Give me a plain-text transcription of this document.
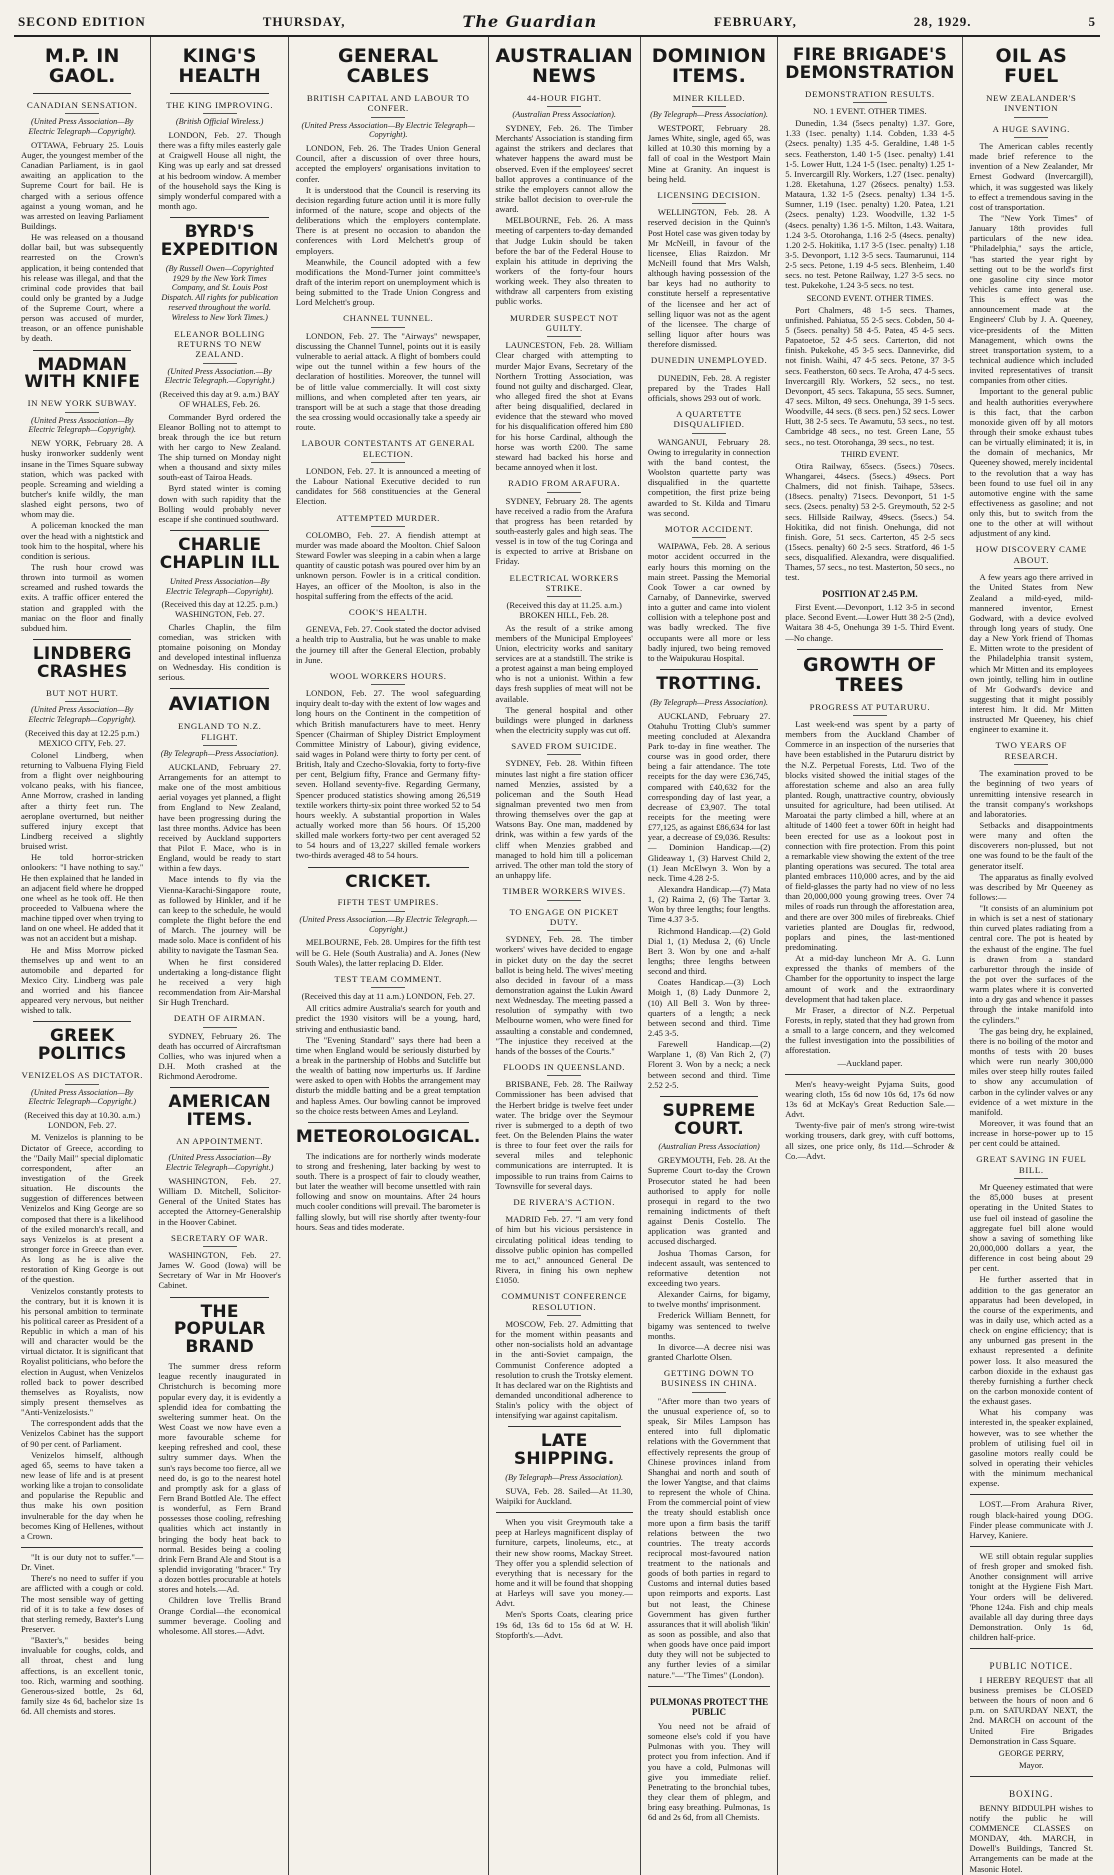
SECOND EDITION	THURSDAY,	The Guardian	FEBRUARY,	28, 1929.	5
M.P. IN GAOL.
CANADIAN SENSATION.
(United Press Association—By Electric Telegraph—Copyright).

OTTAWA, February 25. Louis Auger, the youngest member of the Canadian Parliament, is in gaol awaiting an application to the Supreme Court for bail. He is charged with a serious offence against a young woman, and he was arrested on leaving Parliament Buildings.

He was released on a thousand dollar bail, but was subsequently rearrested on the Crown's application, it being contended that his release was illegal, and that the criminal code provides that bail could only be granted by a Judge of the Supreme Court, where a person was accused of murder, treason, or an offence punishable by death.

MADMAN WITH KNIFE
IN NEW YORK SUBWAY.
(United Press Association—By Electric Telegraph—Copyright).

NEW YORK, February 28. A husky ironworker suddenly went insane in the Times Square subway station, which was packed with people. Screaming and wielding a butcher's knife wildly, the man slashed eight persons, two of whom may die.

A policeman knocked the man over the head with a nightstick and took him to the hospital, where his condition is serious.

The rush hour crowd was thrown into turmoil as women screamed and rushed towards the exits. A traffic officer entered the station and grappled with the maniac on the floor and finally subdued him.

LINDBERG CRASHES
BUT NOT HURT.
(United Press Association—By Electric Telegraph—Copyright).
(Received this day at 12.25 p.m.) MEXICO CITY, Feb. 27.

Colonel Lindberg, when returning to Valbuena Flying Field from a flight over neighbouring volcano peaks, with his fiancee, Anne Morrow, crashed in landing after a thirty feet run. The aeroplane overturned, but neither suffered injury except that Lindberg received a slightly bruised wrist.

He told horror-stricken onlookers: "I have nothing to say." He then explained that he landed in an adjacent field where he dropped one wheel as he took off. He then proceeded to Valbuena where the machine tipped over when trying to land on one wheel. He added that it was not an accident but a mishap.

He and Miss Morrow picked themselves up and went to an automobile and departed for Mexico City. Lindberg was pale and worried and his fiancee appeared very nervous, but neither wished to talk.

GREEK POLITICS
VENIZELOS AS DICTATOR.
(United Press Association—By Electric Telegraph—Copyright.)
(Received this day at 10.30. a.m.) LONDON, Feb. 27.

M. Venizelos is planning to be Dictator of Greece, according to the "Daily Mail" special diplomatic correspondent, after an investigation of the Greek situation. He discounts the suggestion of differences between Venizelos and King George are so composed that there is a likelihood of the exiled monarch's recall, and says Venizelos is at present a stronger force in Greece than ever. As long as he is alive the restoration of King George is out of the question.

Venizelos constantly protests to the contrary, but it is known it is his personal ambition to terminate his political career as President of a Republic in which a man of his will and character would be the virtual dictator. It is significant that Royalist politicians, who before the election in August, when Venizelos rolled back to power described themselves as Royalists, now simply present themselves as "Anti-Venizelosists."

The correspondent adds that the Venizelos Cabinet has the support of 90 per cent. of Parliament.

Venizelos himself, although aged 65, seems to have taken a new lease of life and is at present working like a trojan to consolidate and popularise the Republic and thus make his own position invulnerable for the day when he becomes King of Hellenes, without a Crown.

"It is our duty not to suffer."— Dr. Vinet.

There's no need to suffer if you are afflicted with a cough or cold. The most sensible way of getting rid of it is to take a few doses of that sterling remedy, Baxter's Lung Preserver.

"Baxter's," besides being invaluable for coughs, colds, and all throat, chest and lung affections, is an excellent tonic, too. Rich, warming and soothing. Generous-sized bottle, 2s 6d, family size 4s 6d, bachelor size 1s 6d. All chemists and stores.

KING'S HEALTH
THE KING IMPROVING.
(British Official Wireless.)

LONDON, Feb. 27. Though there was a fifty miles easterly gale at Craigwell House all night, the King was up early and sat dressed at his bedroom window. A member of the household says the King is simply wonderful compared with a month ago.

BYRD'S EXPEDITION
(By Russell Owen—Copyrighted 1929 by the New York Times Company, and St. Louis Post Dispatch. All rights for publication reserved throughout the world. Wireless to New York Times.)
ELEANOR BOLLING RETURNS TO NEW ZEALAND.
(United Press Association.—By Electric Telegraph.—Copyright.)
(Received this day at 9. a.m.) BAY OF WHALES, Feb. 26.

Commander Byrd ordered the Eleanor Bolling not to attempt to break through the ice but return with her cargo to New Zealand. The ship turned on Monday night when a thousand and sixty miles south-east of Tairoa Heads.

Byrd stated winter is coming down with such rapidity that the Bolling would probably never escape if she continued southward.

CHARLIE CHAPLIN ILL
United Press Association—By Electric Telegraph—Copyright).
(Received this day at 12.25. p.m.) WASHINGTON, Feb. 27.

Charles Chaplin, the film comedian, was stricken with ptomaine poisoning on Monday and developed intestinal influenza on Wednesday. His condition is serious.

AVIATION
ENGLAND TO N.Z. FLIGHT.
(By Telegraph—Press Association).

AUCKLAND, February 27. Arrangements for an attempt to make one of the most ambitious aerial voyages yet planned, a flight from England to New Zealand, have been progressing during the last three months. Advice has been received by Auckland supporters that Pilot F. Mace, who is in England, would be ready to start within a few days.

Mace intends to fly via the Vienna-Karachi-Singapore route, as followed by Hinkler, and if he can keep to the schedule, he would complete the flight before the end of March. The journey will be made solo. Mace is confident of his ability to navigate the Tasman Sea.

When he first considered undertaking a long-distance flight he received a very high recommendation from Air-Marshal Sir Hugh Trenchard.

DEATH OF AIRMAN.

SYDNEY, February 26. The death has occurred of Aircraftsman Collies, who was injured when a D.H. Moth crashed at the Richmond Aerodrome.

AMERICAN ITEMS.
AN APPOINTMENT.
(United Press Association—By Electric Telegraph—Copyright.)

WASHINGTON, Feb. 27. William D. Mitchell, Solicitor-General of the United States has accepted the Attorney-Generalship in the Hoover Cabinet.

SECRETARY OF WAR.

WASHINGTON, Feb. 27. James W. Good (Iowa) will be Secretary of War in Mr Hoover's Cabinet.

THE POPULAR BRAND

The summer dress reform league recently inaugurated in Christchurch is becoming more popular every day, it is evidently a splendid idea for combatting the sweltering summer heat. On the West Coast we now have even a more favourable scheme for keeping refreshed and cool, these sultry summer days. When the sun's rays become too fierce, all we need do, is go to the nearest hotel and promptly ask for a glass of Fern Brand Bottled Ale. The effect is wonderful, as Fern Brand possesses those cooling, refreshing qualities which act instantly in bringing the body heat back to normal. Besides being a cooling drink Fern Brand Ale and Stout is a splendid invigorating "bracer." Try a dozen bottles procurable at hotels stores and hotels.—Ad.

Children love Trellis Brand Orange Cordial—the economical summer beverage. Cooling and wholesome. All stores.—Advt.

GENERAL CABLES
BRITISH CAPITAL AND LABOUR TO CONFER.
(United Press Association—By Electric Telegraph—Copyright).

LONDON, Feb. 26. The Trades Union General Council, after a discussion of over three hours, accepted the employers' organisations invitation to confer.

It is understood that the Council is reserving its decision regarding future action until it is more fully informed of the nature, scope and objects of the deliberations which the employers contemplate. There is at present no occasion to abandon the conferences with Lord Melchett's group of employers.

Meanwhile, the Council adopted with a few modifications the Mond-Turner joint committee's draft of the interim report on unemployment which is being submitted to the Trade Union Congress and Lord Melchett's group.

CHANNEL TUNNEL.

LONDON, Feb. 27. The "Airways" newspaper, discussing the Channel Tunnel, points out it is easily vulnerable to aerial attack. A flight of bombers could wipe out the tunnel within a few hours of the declaration of hostilities. Moreover, the tunnel will be of little value commercially. It will cost sixty millions, and when completed after ten years, air transport will be at such a stage that those dreading the sea crossing would occasionally take a speedy air route.

LABOUR CONTESTANTS AT GENERAL ELECTION.

LONDON, Feb. 27. It is announced a meeting of the Labour National Executive decided to run candidates for 568 constituencies at the General Election.

ATTEMPTED MURDER.

COLOMBO, Feb. 27. A fiendish attempt at murder was made aboard the Moolton. Chief Saloon Steward Fowler was sleeping in a cabin when a large quantity of caustic potash was poured over him by an unknown person. Fowler is in a critical condition. Hayes, an officer of the Moolton, is also in the hospital suffering from the effects of the acid.

COOK'S HEALTH.

GENEVA, Feb. 27. Cook stated the doctor advised a health trip to Australia, but he was unable to make the journey till after the General Election, probably in June.

WOOL WORKERS HOURS.

LONDON, Feb. 27. The wool safeguarding inquiry dealt to-day with the extent of low wages and long hours on the Continent in the competition of which British manufacturers have to meet. Henry Spencer (Chairman of Shipley District Employment Committee Ministry of Labour), giving evidence, said wages in Poland were thirty to forty per cent. of British, Italy and Czecho-Slovakia, forty to forty-five per cent, Belgium fifty, France and Germany fifty-seven. Holland seventy-five. Regarding Germany, Spencer produced statistics showing among 26,519 textile workers thirty-six point three worked 52 to 54 hours weekly. A substantial proportion in Wales actually worked more than 56 hours. Of 15,200 skilled male workers forty-two per cent averaged 52 to 54 hours and of 13,227 skilled female workers two-thirds averaged 48 to 54 hours.

CRICKET.
FIFTH TEST UMPIRES.
(United Press Association.—By Electric Telegraph.—Copyright.)

MELBOURNE, Feb. 28. Umpires for the fifth test will be G. Hele (South Australia) and A. Jones (New South Wales), the latter replacing D. Elder.

TEST TEAM COMMENT.
(Received this day at 11 a.m.) LONDON, Feb. 27.

All critics admire Australia's search for youth and predict the 1930 visitors will be a young, hard, striving and enthusiastic band.

The "Evening Standard" says there had been a time when England would be seriously disturbed by a break in the partnership of Hobbs and Sutcliffe but the wealth of batting now imperturbs us. If Jardine were asked to open with Hobbs the arrangement may disturb the middle batting and be a great temptation and hapless Ames. Our bowling cannot be improved so the choice rests between Ames and Leyland.

METEOROLOGICAL.

The indications are for northerly winds moderate to strong and freshening, later backing by west to south. There is a prospect of fair to cloudy weather, but later the weather will become unsettled with rain following and snow on mountains. After 24 hours much cooler conditions will prevail. The barometer is falling slowly, but will rise shortly after twenty-four hours. Seas and tides moderate.

AUSTRALIAN NEWS
44-HOUR FIGHT.
(Australian Press Association).

SYDNEY, Feb. 26. The Timber Merchants' Association is standing firm against the strikers and declares that whatever happens the award must be observed. Even if the employees' secret ballot approves a continuance of the strike the employers cannot allow the strike ballot decision to over-rule the award.

MELBOURNE, Feb. 26. A mass meeting of carpenters to-day demanded that Judge Lukin should be taken before the bar of the Federal House to explain his attitude in depriving the workers of the forty-four hours working week. They also threaten to withdraw all carpenters from existing public works.

MURDER SUSPECT NOT GUILTY.

LAUNCESTON, Feb. 28. William Clear charged with attempting to murder Major Evans, Secretary of the Northern Trotting Association, was found not guilty and discharged. Clear, who alleged fired the shot at Evans after being disqualified, declared in evidence that the steward who moved for his disqualification offered him £80 for his horse Cardinal, although the horse was worth £200. The same steward had backed his horse and became annoyed when it lost.

RADIO FROM ARAFURA.

SYDNEY, February 28. The agents have received a radio from the Arafura that progress has been retarded by south-easterly gales and high seas. The vessel is in tow of the tug Coringa and is expected to arrive at Brisbane on Friday.

ELECTRICAL WORKERS STRIKE.
(Received this day at 11.25. a.m.) BROKEN HILL, Feb. 28.

As the result of a strike among members of the Municipal Employees' Union, electricity works and sanitary services are at a standstill. The strike is a protest against a man being employed who is not a unionist. Within a few days fresh supplies of meat will not be available.

The general hospital and other buildings were plunged in darkness when the electricity supply was cut off.

SAVED FROM SUICIDE.

SYDNEY, Feb. 28. Within fifteen minutes last night a fire station officer named Menzies, assisted by a policeman and the South Head signalman prevented two men from throwing themselves over the gap at Watsons Bay. One man, maddened by drink, was within a few yards of the cliff when Menzies grabbed and managed to hold him till a policeman arrived. The other man told the story of an unhappy life.

TIMBER WORKERS WIVES.
TO ENGAGE ON PICKET DUTY.

SYDNEY, Feb. 28. The timber workers' wives have decided to engage in picket duty on the day the secret ballot is being held. The wives' meeting also decided in favour of a mass demonstration against the Lukin Award next Wednesday. The meeting passed a resolution of sympathy with two Melbourne women, who were fined for assaulting a constable and condemned, "The injustice they received at the hands of the bosses of the Courts."

FLOODS IN QUEENSLAND.

BRISBANE, Feb. 28. The Railway Commissioner has been advised that the Herbert bridge is twelve feet under water. The bridge over the Seymour river is submerged to a depth of two feet. On the Belenden Plains the water is three to four feet over the rails for several miles and telephonic communications are interrupted. It is impossible to run trains from Cairns to Townsville for several days.

DE RIVERA'S ACTION.

MADRID Feb. 27. "I am very fond of him but his vicious persistence in circulating political ideas tending to dissolve public opinion has compelled me to act," announced General De Rivera, in fining his own nephew £1050.

COMMUNIST CONFERENCE RESOLUTION.

MOSCOW, Feb. 27. Admitting that for the moment within peasants and other non-socialists hold an advantage in the anti-Soviet campaign, the Communist Conference adopted a resolution to crush the Trotsky element. It has declared war on the Rightists and demanded unconditional adherence to Stalin's policy with the object of intensifying war against capitalism.

LATE SHIPPING.
(By Telegraph—Press Association).

SUVA, Feb. 28. Sailed—At 11.30, Waipiki for Auckland.

When you visit Greymouth take a peep at Harleys magnificent display of furniture, carpets, linoleums, etc., at their new show rooms, Mackay Street. They offer you a splendid selection of everything that is necessary for the home and it will be found that shopping at Harleys will save you money.—Advt.

Men's Sports Coats, clearing price 19s 6d, 13s 6d to 15s 6d at W. H. Stopforth's.—Advt.

DOMINION ITEMS.
MINER KILLED.
(By Telegraph—Press Association).

WESTPORT, February 28. James White, single, aged 65, was killed at 10.30 this morning by a fall of coal in the Westport Main Mine at Granity. An inquest is being held.

LICENSING DECISION.

WELLINGTON, Feb. 28. A reserved decision in the Quinn's Post Hotel case was given today by Mr McNeill, in favour of the licensee, Elias Raizdon. Mr McNeill found that Mrs Walsh, although having possession of the bar keys had no authority to constitute herself a representative of the licensee and her act of selling liquor was not as the agent of the licensee. The charge of selling liquor after hours was therefore dismissed.

DUNEDIN UNEMPLOYED.

DUNEDIN, Feb. 28. A register prepared by the Trades Hall officials, shows 293 out of work.

A QUARTETTE DISQUALIFIED.

WANGANUI, February 28. Owing to irregularity in connection with the band contest, the Woolston quartette party was disqualified in the quartette competition, the first prize being awarded to St. Kilda and Timaru was second.

MOTOR ACCIDENT.

WAIPAWA, Feb. 28. A serious motor accident occurred in the early hours this morning on the main street. Passing the Memorial Cook Tower a car owned by Carnaby, of Dannevirke, swerved into a gutter and came into violent collision with a telephone post and was badly wrecked. The five occupants were all more or less badly injured, two being removed to the Waipukurau Hospital.

TROTTING.
(By Telegraph—Press Association).

AUCKLAND, February 27. Otahuhu Trotting Club's summer meeting concluded at Alexandra Park to-day in fine weather. The course was in good order, there being a fair attendance. The tote receipts for the day were £36,745, compared with £40,632 for the corresponding day of last year, a decrease of £3,907. The total receipts for the meeting were £77,125, as against £86,634 for last year, a decrease of £9,036. Results:— Dominion Handicap.—(2) Glideaway 1, (3) Harvest Child 2, (1) Jean McElwyn 3. Won by a neck. Time 4.28 2-5.

Alexandra Handicap.—(7) Mata 1, (2) Raima 2, (6) The Tartar 3. Won by three lengths; four lengths. Time 4.37 3-5.

Richmond Handicap.—(2) Gold Dial 1, (1) Medusa 2, (6) Uncle Bert 3. Won by one and a-half lengths; three lengths between second and third.

Coates Handicap.—(3) Loch Moigh 1, (8) Lady Dunmore 2, (10) All Bell 3. Won by three-quarters of a length; a neck between second and third. Time 2.45 3-5.

Farewell Handicap.—(2) Warplane 1, (8) Van Rich 2, (7) Florent 3. Won by a neck; a neck between second and third. Time 2.52 2-5.

SUPREME COURT.
(Australian Press Association)

GREYMOUTH, Feb. 28. At the Supreme Court to-day the Crown Prosecutor stated he had been authorised to apply for nolle prosequi in regard to the two remaining indictments of theft against Denis Costello. The application was granted and accused discharged.

Joshua Thomas Carson, for indecent assault, was sentenced to reformative detention not exceeding two years.

Alexander Cairns, for bigamy, to twelve months' imprisonment.

Frederick William Bennett, for bigamy was sentenced to twelve months.

In divorce—A decree nisi was granted Charlotte Olsen.

GETTING DOWN TO BUSINESS IN CHINA.

"After more than two years of the unusual experience of, so to speak, Sir Miles Lampson has entered into full diplomatic relations with the Government that effectively represents the group of Chinese provinces inland from Shanghai and north and south of the lower Yangtse, and that claims to represent the whole of China. From the commercial point of view the treaty should establish once more upon a firm basis the tariff relations between the two countries. The treaty accords reciprocal most-favoured nation treatment to the nationals and goods of both parties in regard to Customs and internal duties based upon reimports and exports. Last but not least, the Chinese Government has given further assurances that it will abolish 'likin' as soon as possible, and also that when goods have once paid import duty they will not be subjected to any further levies of a similar nature."—"The Times" (London).

PULMONAS PROTECT THE PUBLIC

You need not be afraid of someone else's cold if you have Pulmonas with you. They will protect you from infection. And if you have a cold, Pulmonas will give you immediate relief. Penetrating to the bronchial tubes, they clear them of phlegm, and bring easy breathing. Pulmonas, 1s 6d and 2s 6d, from all Chemists.

FIRE BRIGADE'S DEMONSTRATION
DEMONSTRATION RESULTS.
NO. 1 EVENT. OTHER TIMES.

Dunedin, 1.34 (5secs penalty) 1.37. Gore, 1.33 (1sec. penalty) 1.14. Cobden, 1.33 4-5 (2secs. penalty) 1.35 4-5. Geraldine, 1.48 1-5 secs. Featherston, 1.40 1-5 (1sec. penalty) 1.41 1-5. Lower Hutt, 1.24 1-5 (1sec. penalty) 1.25 1-5. Invercargill Rly. Workers, 1.27 (1sec. penalty) 1.28. Eketahuna, 1.27 (26secs. penalty) 1.53. Mataura, 1.32 1-5 (2secs. penalty) 1.34 1-5. Sumner, 1.19 (1sec. penalty) 1.20. Patea, 1.21 (2secs. penalty) 1.23. Woodville, 1.32 1-5 (4secs. penalty) 1.36 1-5. Milton, 1.43. Waitara, 1.24 3-5. Otorohanga, 1.16 2-5 (4secs. penalty) 1.20 2-5. Hokitika, 1.17 3-5 (1sec. penalty) 1.18 3-5. Devonport, 1.12 3-5 secs. Taumarunui, 114 2-5 secs. Petone, 1.19 4-5 secs. Blenheim, 1.40 secs. no test. Petone Railway, 1.27 3-5 secs. no test. Pukekohe, 1.24 3-5 secs. no test.

SECOND EVENT. OTHER TIMES.

Port Chalmers, 48 1-5 secs. Thames, unfinished. Pahiatua, 55 2-5 secs. Cobden, 50 4-5 (5secs. penalty) 58 4-5. Patea, 45 4-5 secs. Papatoetoe, 52 4-5 secs. Carterton, did not finish. Pukekohe, 45 3-5 secs. Dannevirke, did not finish. Waihi, 47 4-5 secs. Petone, 37 3-5 secs. Featherston, 60 secs. Te Aroha, 47 4-5 secs. Invercargill Rly. Workers, 52 secs., no test. Devonport, 45 secs. Takapuna, 55 secs. Sumner, 47 secs. Milton, 49 secs. Onehunga, 39 1-5 secs. Woodville, 44 secs. (8 secs. pen.) 52 secs. Lower Hutt, 38 2-5 secs. Te Awamutu, 53 secs., no test. Cambridge 48 secs., no test. Green Lane, 55 secs., no test. Otorohanga, 39 secs., no test.

THIRD EVENT.

Otira Railway, 65secs. (5secs.) 70secs. Whangarei, 44secs. (5secs.) 49secs. Port Chalmers, did not finish. Taihape, 53secs. (18secs. penalty) 71secs. Devonport, 51 1-5 secs. (2secs. penalty) 53 2-5. Greymouth, 52 2-5 secs. Hillside Railway, 49secs. (5secs.) 54. Hokitika, did not finish. Onehunga, did not finish. Gore, 51 secs. Carterton, 45 2-5 secs (15secs. penalty) 60 2-5 secs. Stratford, 46 1-5 secs, disqualified. Alexandra, were disqualified. Thames, 57 secs., no test. Masterton, 50 secs., no test.

POSITION AT 2.45 P.M.

First Event.—Devonport, 1.12 3-5 in second place. Second Event.—Lower Hutt 38 2-5 (2nd), Waitara 38 4-5, Onehunga 39 1-5. Third Event.—No change.

GROWTH OF TREES
PROGRESS AT PUTARURU.

Last week-end was spent by a party of members from the Auckland Chamber of Commerce in an inspection of the nurseries that have been established in the Putaruru district by the N.Z. Perpetual Forests, Ltd. Two of the blocks visited showed the initial stages of the afforestation scheme and also an area fully planted. Rough, unattractive country, obviously unsuited for agriculture, had been utilised. At Maroatai the party climbed a hill, where at an altitude of 1400 feet a tower 60ft in height had been erected for use as a lookout post in connection with fire protection. From this point a remarkable view showing the extent of the tree planting operations was secured. The total area planted embraces 110,000 acres, and by the aid of field-glasses the party had no view of no less than 20,000,000 young growing trees. Over 74 miles of roads run through the afforestation area, and there are over 300 miles of firebreaks. Chief varieties planted are Douglas fir, redwood, poplars and pines, the last-mentioned predominating.

At a mid-day luncheon Mr A. G. Lunn expressed the thanks of members of the Chamber for the opportunity to inspect the large amount of work and the extraordinary development that had taken place.

Mr Fraser, a director of N.Z. Perpetual Forests, in reply, stated that they had grown from a small to a large concern, and they welcomed the fullest investigation into the possibilities of afforestation.

—Auckland paper.

Men's heavy-weight Pyjama Suits, good wearing cloth, 15s 6d now 10s 6d, 17s 6d now 13s 6d at McKay's Great Reduction Sale.—Advt.

Twenty-five pair of men's strong wire-twist working trousers, dark grey, with cuff bottoms, all sizes, one price only, 8s 11d.—Schroder & Co.—Advt.

OIL AS FUEL
NEW ZEALANDER'S INVENTION
A HUGE SAVING.

The American cables recently made brief reference to the invention of a New Zealander, Mr Ernest Godward (Invercargill), which, it was suggested was likely to effect a tremendous saving in the cost of transportation.

The "New York Times" of January 18th provides full particulars of the new idea. "Philadelphia," says the article, "has started the year right by setting out to be the world's first one gasoline city since motor vehicles came into general use. This is effect was the announcement made at the Engineers' Club by J. A. Queeney, vice-presidents of the Mitten Management, which owns the street transportation system, to a technical audience which included invited representatives of transit companies from other cities.

Important to the general public and health authorities everywhere is this fact, that the carbon monoxide given off by all motors through their smoke exhaust tubes can be virtually eliminated; it is, in the domain of mechanics, Mr Queeney showed, merely incidental to the revolution that a way has been found to use fuel oil in any automotive engine with the same effectiveness as gasoline; and not only this, but to switch from the one to the other at will without adjustment of any kind.

HOW DISCOVERY CAME ABOUT.

A few years ago there arrived in the United States from New Zealand a mild-eyed, mild-mannered inventor, Ernest Godward, with a device evolved through long years of study. One day a New York friend of Thomas E. Mitten wrote to the president of the Philadelphia transit system, which Mr Mitten and its employees own jointly, telling him in outline of Mr Godward's device and suggesting that it might possibly interest him. It did. Mr Mitten instructed Mr Queeney, his chief engineer to examine it.

TWO YEARS OF RESEARCH.

The examination proved to be the beginning of two years of unremitting intensive research in the transit company's workshops and laboratories.

Setbacks and disappointments were many and often the discoverers non-plussed, but not one was found to be the fault of the generator itself.

The apparatus as finally evolved was described by Mr Queeney as follows:—

"It consists of an aluminium pot in which is set a nest of stationary thin curved plates radiating from a central core. The pot is heated by the exhaust of the engine. The fuel is drawn from a standard carburettor through the inside of the pot over the surfaces of the warm plates where it is converted into a dry gas and whence it passes through the intake manifold into the cylinders."

The gas being dry, he explained, there is no boiling of the motor and months of tests with 20 buses which were run nearly 300,000 miles over steep hilly routes failed to show any accumulation of carbon in the cylinder valves or any evidence of a wet mixture in the manifold.

Moreover, it was found that an increase in horse-power up to 15 per cent could be attained.

GREAT SAVING IN FUEL BILL.

Mr Queeney estimated that were the 85,000 buses at present operating in the United States to use fuel oil instead of gasoline the aggregate fuel bill alone would show a saving of something like 20,000,000 dollars a year, the difference in cost being about 29 per cent.

He further asserted that in addition to the gas generator an apparatus had been developed, in the course of the experiments, and was in daily use, which acted as a check on engine efficiency; that is any unburned gas present in the exhaust represented a definite power loss. It also measured the carbon dioxide in the exhaust gas thereby furnishing a further check on the carbon monoxide content of the exhaust gases.

What his company was interested in, the speaker explained, however, was to see whether the problem of utilising fuel oil in gasoline motors really could be solved in operating their vehicles with the minimum mechanical expense.

LOST.—From Arahura River, rough black-haired young DOG. Finder please communicate with J. Harvey, Kaniere.

WE still obtain regular supplies of fresh groper and smoked fish. Another consignment will arrive tonight at the Hygiene Fish Mart. Your orders will be delivered. 'Phone 124a. Fish and chip meals available all day during three days Demonstration. Only 1s 6d, children half-price.

PUBLIC NOTICE.

I HEREBY REQUEST that all business premises be CLOSED between the hours of noon and 6 p.m. on SATURDAY NEXT, the 2nd. MARCH on account of the United Fire Brigades Demonstration in Cass Square.

GEORGE PERRY,
Mayor.
BOXING.

BENNY BIDDULPH wishes to notify the public he will COMMENCE CLASSES on MONDAY, 4th. MARCH, in Dowell's Buildings, Tancred St. Arrangements can be made at the Masonic Hotel.
